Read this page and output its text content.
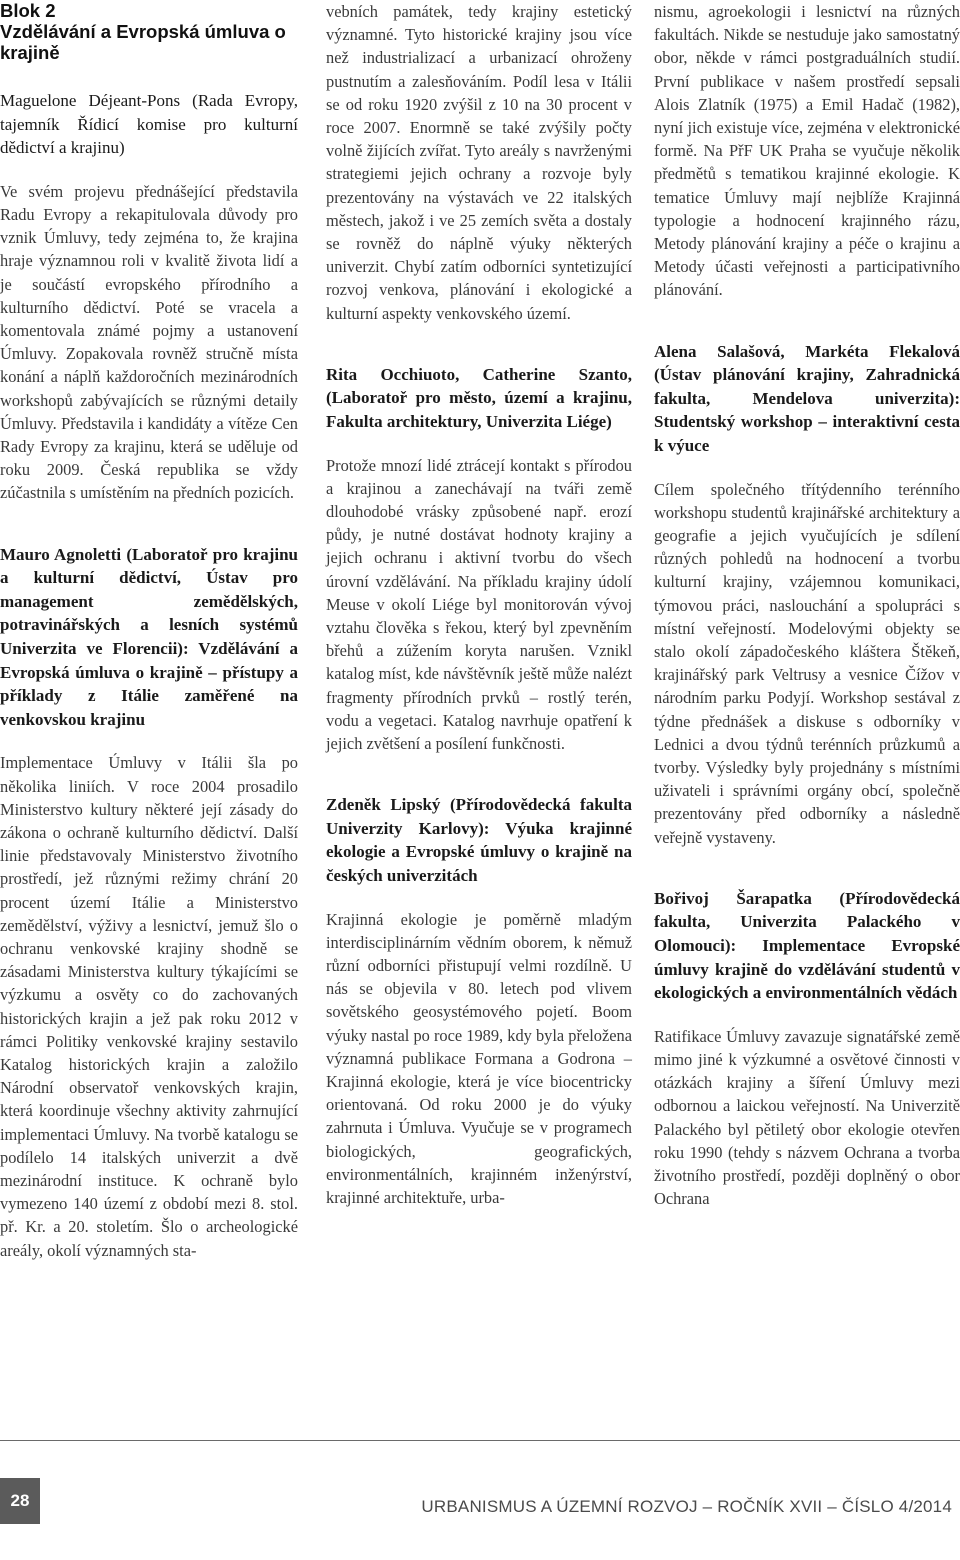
Blok 2
Vzdělávání a Evropská úmluva o krajině

Maguelone Déjeant-Pons (Rada Evropy, tajemník Řídicí komise pro kulturní dědictví a krajinu)

Ve svém projevu přednášející představila Radu Evropy a rekapitulovala důvody pro vznik Úmluvy, tedy zejména to, že krajina hraje významnou roli v kvalitě života lidí a je součástí evropského přírodního a kulturního dědictví. Poté se vracela a komentovala známé pojmy a ustanovení Úmluvy. Zopakovala rovněž stručně místa konání a náplň každoročních mezinárodních workshopů zabývajících se různými detaily Úmluvy. Představila i kandidáty a vítěze Cen Rady Evropy za krajinu, která se uděluje od roku 2009. Česká republika se vždy zúčastnila s umístěním na předních pozicích.

Mauro Agnoletti (Laboratoř pro krajinu a kulturní dědictví, Ústav pro management zemědělských, potravinářských a lesních systémů Univerzita ve Florencii): Vzdělávání a Evropská úmluva o krajině – přístupy a příklady z Itálie zaměřené na venkovskou krajinu

Implementace Úmluvy v Itálii šla po několika liniích. V roce 2004 prosadilo Ministerstvo kultury některé její zásady do zákona o ochraně kulturního dědictví. Další linie představovaly Ministerstvo životního prostředí, jež různými režimy chrání 20 procent území Itálie a Ministerstvo zemědělství, výživy a lesnictví, jemuž šlo o ochranu venkovské krajiny shodně se zásadami Ministerstva kultury týkajícími se výzkumu a osvěty co do zachovaných historických krajin a jež pak roku 2012 v rámci Politiky venkovské krajiny sestavilo Katalog historických krajin a založilo Národní observatoř venkovských krajin, která koordinuje všechny aktivity zahrnující implementaci Úmluvy. Na tvorbě katalogu se podílelo 14 italských univerzit a dvě mezinárodní instituce. K ochraně bylo vymezeno 140 území z období mezi 8. stol. př. Kr. a 20. stoletím. Šlo o archeologické areály, okolí významných sta-

vebních památek, tedy krajiny estetický významné. Tyto historické krajiny jsou více než industrializací a urbanizací ohroženy pustnutím a zalesňováním. Podíl lesa v Itálii se od roku 1920 zvýšil z 10 na 30 procent v roce 2007. Enormně se také zvýšily počty volně žijících zvířat. Tyto areály s navrženými strategiemi jejich ochrany a rozvoje byly prezentovány na výstavách ve 22 italských městech, jakož i ve 25 zemích světa a dostaly se rovněž do náplně výuky některých univerzit. Chybí zatím odborníci syntetizující rozvoj venkova, plánování i ekologické a kulturní aspekty venkovského území.

Rita Occhiuoto, Catherine Szanto, (Laboratoř pro město, území a krajinu, Fakulta architektury, Univerzita Liége)

Protože mnozí lidé ztrácejí kontakt s přírodou a krajinou a zanechávají na tváři země dlouhodobé vrásky způsobené např. erozí půdy, je nutné dostávat hodnoty krajiny a jejich ochranu i aktivní tvorbu do všech úrovní vzdělávání. Na příkladu krajiny údolí Meuse v okolí Liége byl monitorován vývoj vztahu člověka s řekou, který byl zpevněním břehů a zúžením koryta narušen. Vznikl katalog míst, kde návštěvník ještě může nalézt fragmenty přírodních prvků – rostlý terén, vodu a vegetaci. Katalog navrhuje opatření k jejich zvětšení a posílení funkčnosti.

Zdeněk Lipský (Přírodovědecká fakulta Univerzity Karlovy): Výuka krajinné ekologie a Evropské úmluvy o krajině na českých univerzitách

Krajinná ekologie je poměrně mladým interdisciplinárním vědním oborem, k němuž různí odborníci přistupují velmi rozdílně. U nás se objevila v 80. letech pod vlivem sovětského geosystémového pojetí. Boom výuky nastal po roce 1989, kdy byla přeložena významná publikace Formana a Godrona – Krajinná ekologie, která je více biocentricky orientovaná. Od roku 2000 je do výuky zahrnuta i Úmluva. Vyučuje se v programech biologických, geografických, environmentálních, krajinném inženýrství, krajinné architektuře, urba-

nismu, agroekologii i lesnictví na různých fakultách. Nikde se nestuduje jako samostatný obor, někde v rámci postgraduálních studií. První publikace v našem prostředí sepsali Alois Zlatník (1975) a Emil Hadač (1982), nyní jich existuje více, zejména v elektronické formě. Na PřF UK Praha se vyučuje několik předmětů s tematikou krajinné ekologie. K tematice Úmluvy mají nejblíže Krajinná typologie a hodnocení krajinného rázu, Metody plánování krajiny a péče o krajinu a Metody účasti veřejnosti a participativního plánování.

Alena Salašová, Markéta Flekalová (Ústav plánování krajiny, Zahradnická fakulta, Mendelova univerzita): Studentský workshop – interaktivní cesta k výuce

Cílem společného třítýdenního terénního workshopu studentů krajinářské architektury a geografie a jejich vyučujících je sdílení různých pohledů na hodnocení a tvorbu kulturní krajiny, vzájemnou komunikaci, týmovou práci, naslouchání a spolupráci s místní veřejností. Modelovými objekty se stalo okolí západočeského kláštera Štěkeň, krajinářský park Veltrusy a vesnice Čížov v národním parku Podyjí. Workshop sestával z týdne přednášek a diskuse s odborníky v Lednici a dvou týdnů terénních průzkumů a tvorby. Výsledky byly projednány s místními uživateli i správními orgány obcí, společně prezentovány před odborníky a následně veřejně vystaveny.

Bořivoj Šarapatka (Přírodovědecká fakulta, Univerzita Palackého v Olomouci): Implementace Evropské úmluvy krajině do vzdělávání studentů v ekologických a environmentálních vědách

Ratifikace Úmluvy zavazuje signatářské země mimo jiné k výzkumné a osvětové činnosti v otázkách krajiny a šíření Úmluvy mezi odbornou a laickou veřejností. Na Univerzitě Palackého byl pětiletý obor ekologie otevřen roku 1990 (tehdy s názvem Ochrana a tvorba životního prostředí, později doplněný o obor Ochrana

28	URBANISMUS A ÚZEMNÍ ROZVOJ – ROČNÍK XVII – ČÍSLO 4/2014
